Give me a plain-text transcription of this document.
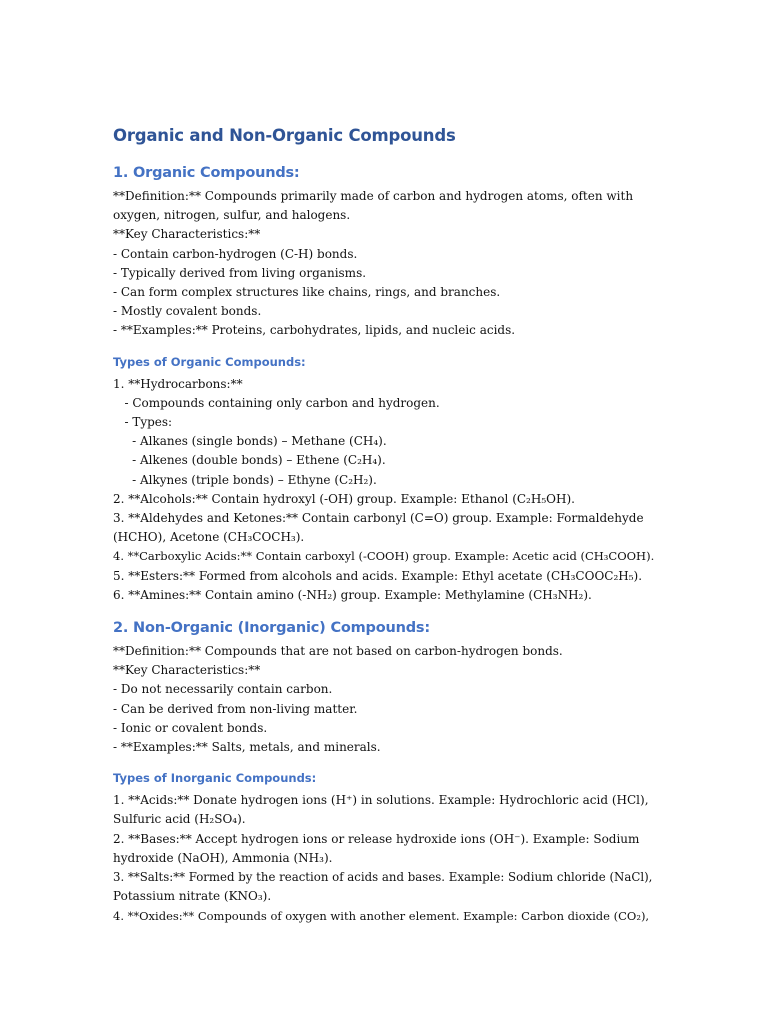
Organic and Non-Organic Compounds
1. Organic Compounds:

**Definition:** Compounds primarily made of carbon and hydrogen atoms, often with

oxygen, nitrogen, sulfur, and halogens.

**Key Characteristics:**

- Contain carbon-hydrogen (C-H) bonds.

- Typically derived from living organisms.

- Can form complex structures like chains, rings, and branches.

- Mostly covalent bonds.

- **Examples:** Proteins, carbohydrates, lipids, and nucleic acids.

Types of Organic Compounds:

1. **Hydrocarbons:**

- Compounds containing only carbon and hydrogen.

- Types:

- Alkanes (single bonds) – Methane (CH₄).

- Alkenes (double bonds) – Ethene (C₂H₄).

- Alkynes (triple bonds) – Ethyne (C₂H₂).

2. **Alcohols:** Contain hydroxyl (-OH) group. Example: Ethanol (C₂H₅OH).

3. **Aldehydes and Ketones:** Contain carbonyl (C=O) group. Example: Formaldehyde

(HCHO), Acetone (CH₃COCH₃).

4. **Carboxylic Acids:** Contain carboxyl (-COOH) group. Example: Acetic acid (CH₃COOH).

5. **Esters:** Formed from alcohols and acids. Example: Ethyl acetate (CH₃COOC₂H₅).

6. **Amines:** Contain amino (-NH₂) group. Example: Methylamine (CH₃NH₂).

2. Non-Organic (Inorganic) Compounds:

**Definition:** Compounds that are not based on carbon-hydrogen bonds.

**Key Characteristics:**

- Do not necessarily contain carbon.

- Can be derived from non-living matter.

- Ionic or covalent bonds.

- **Examples:** Salts, metals, and minerals.

Types of Inorganic Compounds:

1. **Acids:** Donate hydrogen ions (H⁺) in solutions. Example: Hydrochloric acid (HCl),

Sulfuric acid (H₂SO₄).

2. **Bases:** Accept hydrogen ions or release hydroxide ions (OH⁻). Example: Sodium

hydroxide (NaOH), Ammonia (NH₃).

3. **Salts:** Formed by the reaction of acids and bases. Example: Sodium chloride (NaCl),

Potassium nitrate (KNO₃).

4. **Oxides:** Compounds of oxygen with another element. Example: Carbon dioxide (CO₂),
